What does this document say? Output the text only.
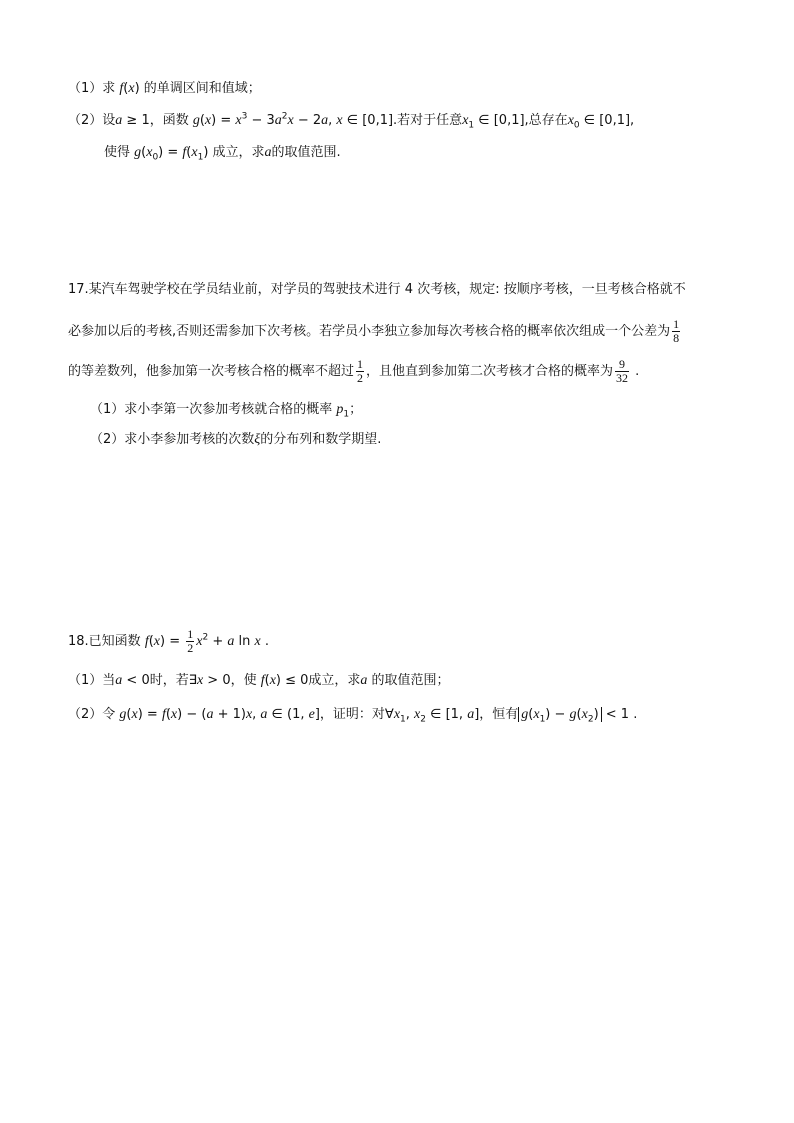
（1）求 f(x) 的单调区间和值域；
（2）设a ≥ 1，函数 $g(x) = x^3 - 3a^2x - 2a$, x ∈ [0,1].若对于任意$x_1$ ∈ [0,1],总存在$x_0$ ∈ [0,1],
使得 $g(x_0) = f(x_1)$ 成立，求a的取值范围.
17.某汽车驾驶学校在学员结业前，对学员的驾驶技术进行 4 次考核，规定: 按顺序考核，一旦考核合格就不
必参加以后的考核,否则还需参加下次考核。若学员小李独立参加每次考核合格的概率依次组成一个公差为 $\frac{1}{8}$
的等差数列，他参加第一次考核合格的概率不超过 $\frac{1}{2}$ ，且他直到参加第二次考核才合格的概率为 $\frac{9}{32}$ .
（1）求小李第一次参加考核就合格的概率 $p_1$；
（2）求小李参加考核的次数ξ的分布列和数学期望.
18.已知函数 $f(x) = \frac{1}{2} x^2 + a$ ln x .
（1）当a < 0时，若∃x > 0，使 f(x) ≤ 0成立，求a 的取值范围；
（2）令 g(x) = f(x) − (a + 1)x, a ∈ (1, e]，证明：对$\forall x_1$, $x_2$ ∈ [1, a]，恒有 $g(x_1) - g(x_2) < 1$ .
